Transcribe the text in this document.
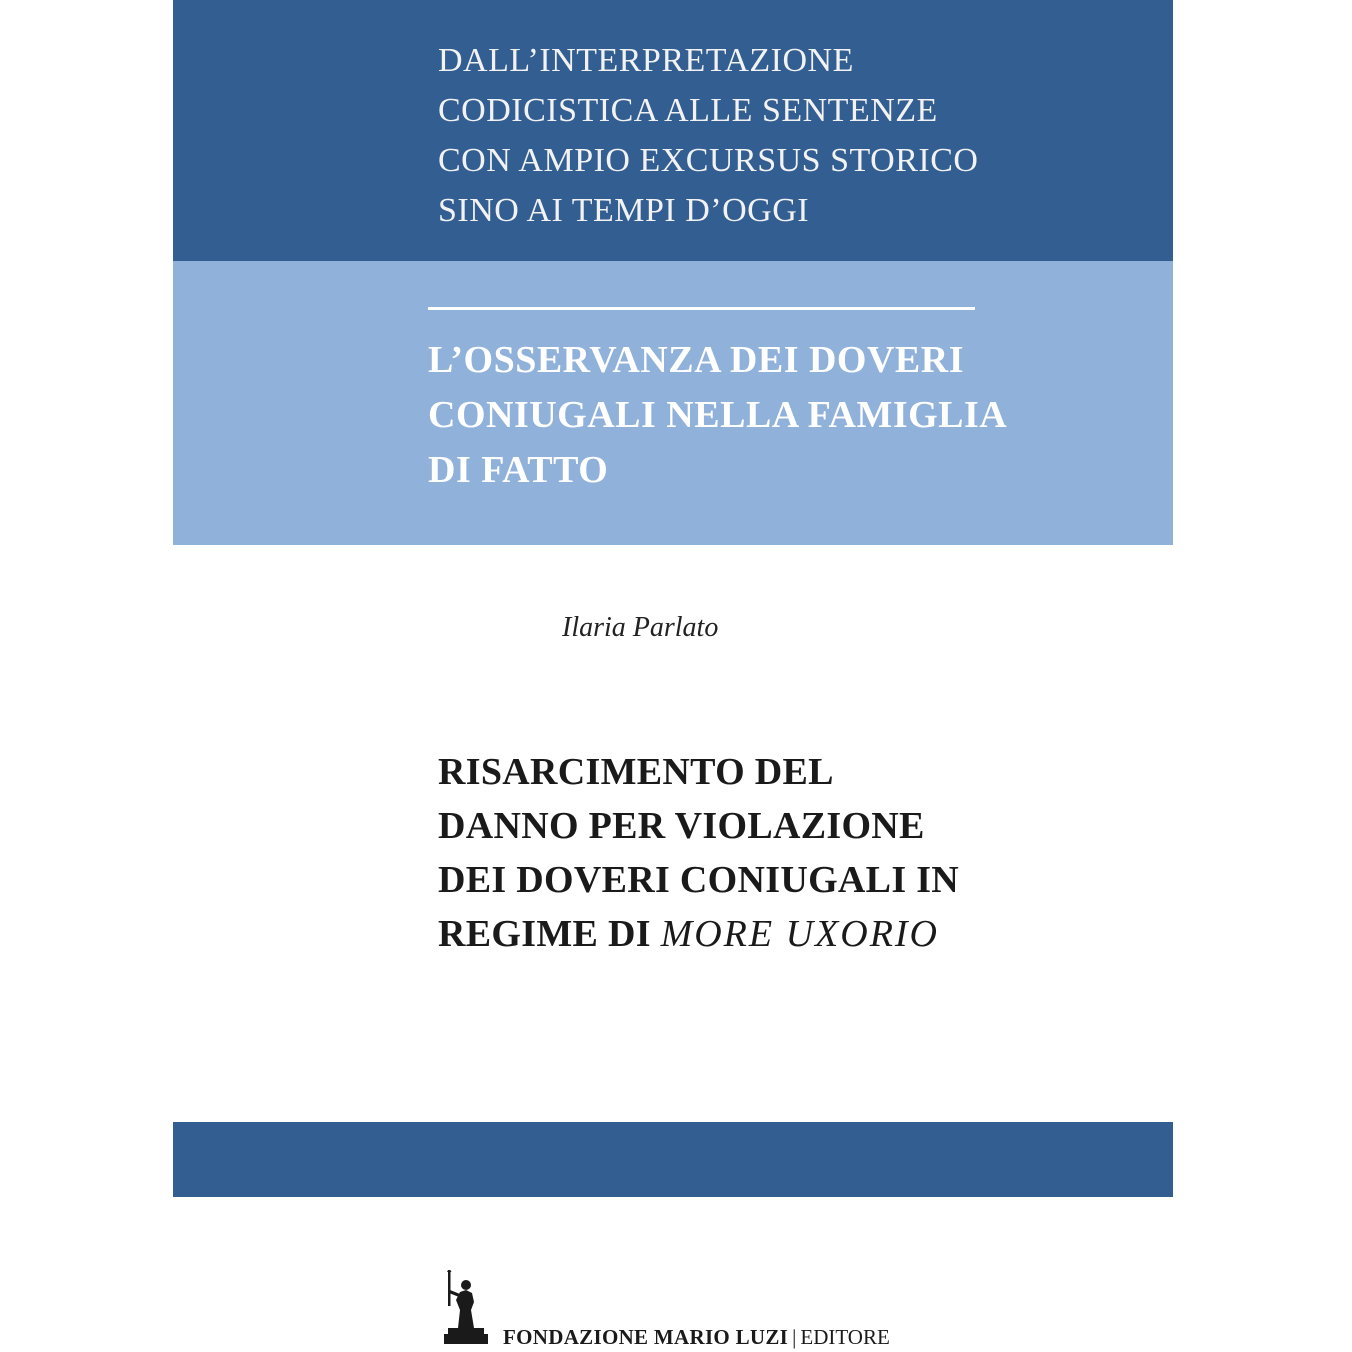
DALL’INTERPRETAZIONE
CODICISTICA ALLE SENTENZE
CON AMPIO EXCURSUS STORICO
SINO AI TEMPI D’OGGI
L’OSSERVANZA DEI DOVERI
CONIUGALI NELLA FAMIGLIA
DI FATTO
Ilaria Parlato
RISARCIMENTO DEL
DANNO PER VIOLAZIONE
DEI DOVERI CONIUGALI IN
REGIME DI MORE UXORIO
FONDAZIONE MARIO LUZI | EDITORE
